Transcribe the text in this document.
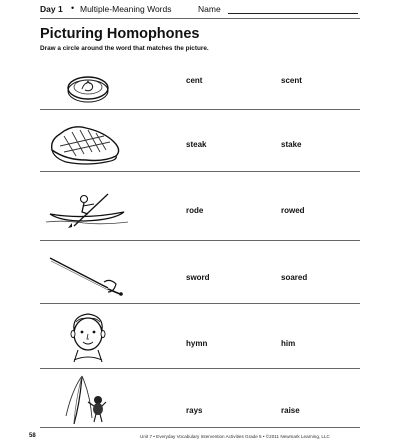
Day 1 • Multiple-Meaning Words	Name
Picturing Homophones
Draw a circle around the word that matches the picture.
cent	scent
steak	stake
rode	rowed
sword	soared
hymn	him
rays	raise
58	Unit 7 • Everyday Vocabulary Intervention Activities Grade 5 • ©2011 Newmark Learning, LLC
